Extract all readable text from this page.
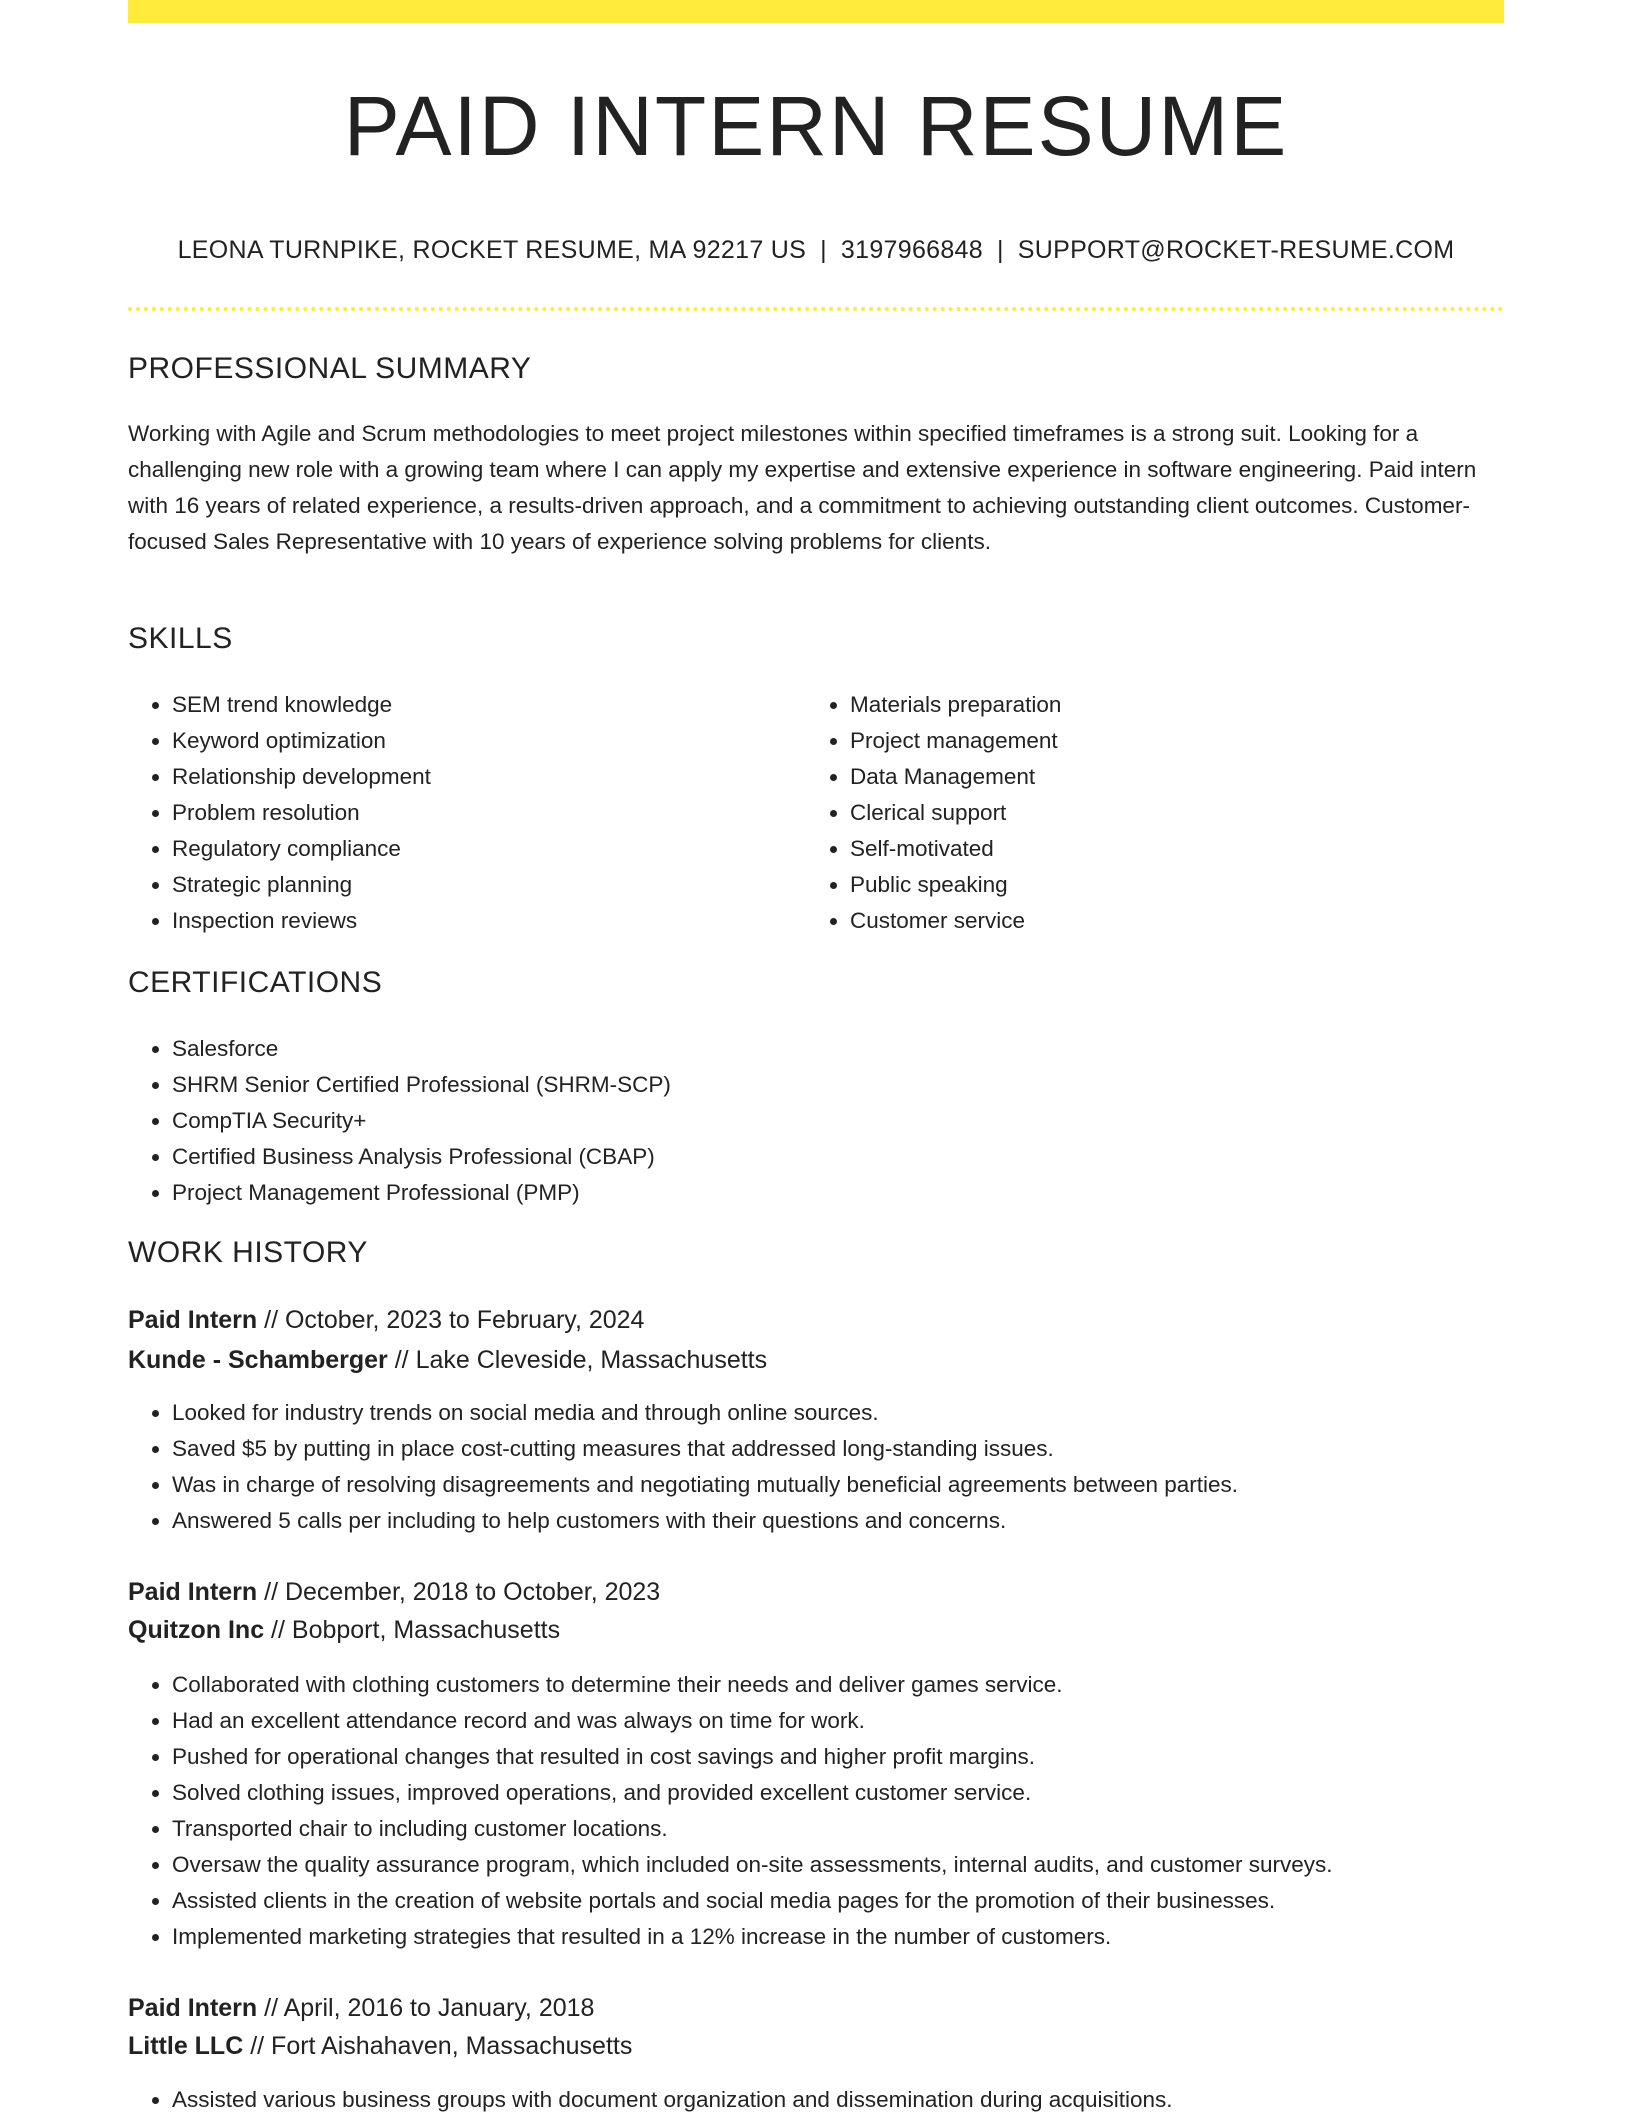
PAID INTERN RESUME
LEONA TURNPIKE, ROCKET RESUME, MA 92217 US | 3197966848 | SUPPORT@ROCKET-RESUME.COM
PROFESSIONAL SUMMARY

Working with Agile and Scrum methodologies to meet project milestones within specified timeframes is a strong suit. Looking for a challenging new role with a growing team where I can apply my expertise and extensive experience in software engineering. Paid intern with 16 years of related experience, a results-driven approach, and a commitment to achieving outstanding client outcomes. Customer-focused Sales Representative with 10 years of experience solving problems for clients.

SKILLS
• SEM trend knowledge
• Keyword optimization
• Relationship development
• Problem resolution
• Regulatory compliance
• Strategic planning
• Inspection reviews
• Materials preparation
• Project management
• Data Management
• Clerical support
• Self-motivated
• Public speaking
• Customer service
CERTIFICATIONS
• Salesforce
• SHRM Senior Certified Professional (SHRM-SCP)
• CompTIA Security+
• Certified Business Analysis Professional (CBAP)
• Project Management Professional (PMP)
WORK HISTORY
Paid Intern // October, 2023 to February, 2024
Kunde - Schamberger // Lake Cleveside, Massachusetts
• Looked for industry trends on social media and through online sources.
• Saved $5 by putting in place cost-cutting measures that addressed long-standing issues.
• Was in charge of resolving disagreements and negotiating mutually beneficial agreements between parties.
• Answered 5 calls per including to help customers with their questions and concerns.
Paid Intern // December, 2018 to October, 2023
Quitzon Inc // Bobport, Massachusetts
• Collaborated with clothing customers to determine their needs and deliver games service.
• Had an excellent attendance record and was always on time for work.
• Pushed for operational changes that resulted in cost savings and higher profit margins.
• Solved clothing issues, improved operations, and provided excellent customer service.
• Transported chair to including customer locations.
• Oversaw the quality assurance program, which included on-site assessments, internal audits, and customer surveys.
• Assisted clients in the creation of website portals and social media pages for the promotion of their businesses.
• Implemented marketing strategies that resulted in a 12% increase in the number of customers.
Paid Intern // April, 2016 to January, 2018
Little LLC // Fort Aishahaven, Massachusetts
• Assisted various business groups with document organization and dissemination during acquisitions.
